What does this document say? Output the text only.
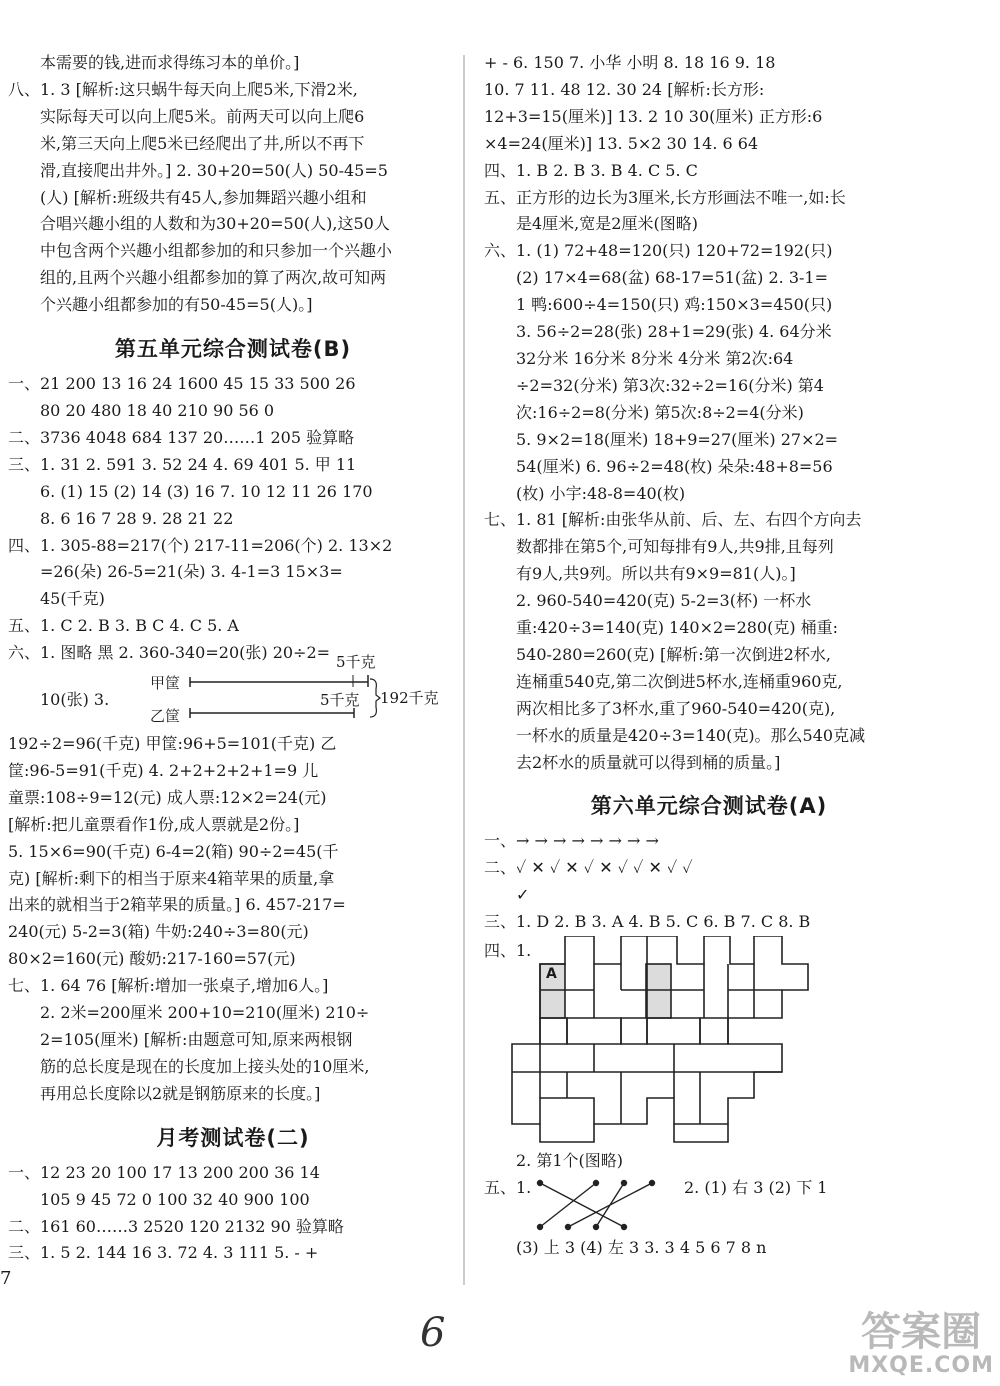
本需要的钱,进而求得练习本的单价。]
八、1. 3 [解析:这只蜗牛每天向上爬5米,下滑2米,
实际每天可以向上爬5米。前两天可以向上爬6
米,第三天向上爬5米已经爬出了井,所以不再下
滑,直接爬出井外。] 2. 30+20=50(人) 50-45=5
(人) [解析:班级共有45人,参加舞蹈兴趣小组和
合唱兴趣小组的人数和为30+20=50(人),这50人
中包含两个兴趣小组都参加的和只参加一个兴趣小
组的,且两个兴趣小组都参加的算了两次,故可知两
个兴趣小组都参加的有50-45=5(人)。]
第五单元综合测试卷(B)
一、21 200 13 16 24 1600 45 15 33 500 26
80 20 480 18 40 210 90 56 0
二、3736 4048 684 137 20……1 205 验算略
三、1. 31 2. 591 3. 52 24 4. 69 401 5. 甲 11
6. (1) 15 (2) 14 (3) 16 7. 10 12 11 26 170
8. 6 16 7 28 9. 28 21 22
四、1. 305-88=217(个) 217-11=206(个) 2. 13×2
=26(朵) 26-5=21(朵) 3. 4-1=3 15×3=
45(千克)
五、1. C 2. B 3. B C 4. C 5. A
六、1. 图略 黑 2. 360-340=20(张) 20÷2=
10(张) 3.
甲筐
乙筐
5千克
5千克 192千克
192÷2=96(千克) 甲筐:96+5=101(千克) 乙
筐:96-5=91(千克) 4. 2+2+2+2+1=9 儿
童票:108÷9=12(元) 成人票:12×2=24(元)
[解析:把儿童票看作1份,成人票就是2份。]
5. 15×6=90(千克) 6-4=2(箱) 90÷2=45(千
克) [解析:剩下的相当于原来4箱苹果的质量,拿
出来的就相当于2箱苹果的质量。] 6. 457-217=
240(元) 5-2=3(箱) 牛奶:240÷3=80(元)
80×2=160(元) 酸奶:217-160=57(元)
七、1. 64 76 [解析:增加一张桌子,增加6人。]
2. 2米=200厘米 200+10=210(厘米) 210÷
2=105(厘米) [解析:由题意可知,原来两根钢
筋的总长度是现在的长度加上接头处的10厘米,
再用总长度除以2就是钢筋原来的长度。]
月考测试卷(二)
一、12 23 20 100 17 13 200 200 36 14
105 9 45 72 0 100 32 40 900 100
二、161 60……3 2520 120 2132 90 验算略
三、1. 5 2. 144 16 3. 72 4. 3 111 5. - +
+ - 6. 150 7. 小华 小明 8. 18 16 9. 18
10. 7 11. 48 12. 30 24 [解析:长方形:
12+3=15(厘米)] 13. 2 10 30(厘米) 正方形:6
×4=24(厘米)] 13. 5×2 30 14. 6 64
四、1. B 2. B 3. B 4. C 5. C
五、正方形的边长为3厘米,长方形画法不唯一,如:长
是4厘米,宽是2厘米(图略)
六、1. (1) 72+48=120(只) 120+72=192(只)
(2) 17×4=68(盆) 68-17=51(盆) 2. 3-1=
1 鸭:600÷4=150(只) 鸡:150×3=450(只)
3. 56÷2=28(张) 28+1=29(张) 4. 64分米
32分米 16分米 8分米 4分米 第2次:64
÷2=32(分米) 第3次:32÷2=16(分米) 第4
次:16÷2=8(分米) 第5次:8÷2=4(分米)
5. 9×2=18(厘米) 18+9=27(厘米) 27×2=
54(厘米) 6. 96÷2=48(枚) 朵朵:48+8=56
(枚) 小宇:48-8=40(枚)
七、1. 81 [解析:由张华从前、后、左、右四个方向去
数都排在第5个,可知每排有9人,共9排,且每列
有9人,共9列。所以共有9×9=81(人)。]
2. 960-540=420(克) 5-2=3(杯) 一杯水
重:420÷3=140(克) 140×2=280(克) 桶重:
540-280=260(克) [解析:第一次倒进2杯水,
连桶重540克,第二次倒进5杯水,连桶重960克,
两次相比多了3杯水,重了960-540=420(克),
一杯水的质量是420÷3=140(克)。那么540克减
去2杯水的质量就可以得到桶的质量。]
第六单元综合测试卷(A)
一、→ → → → → → → →
二、✓ ✕ ✓ ✕ ✓ ✕ ✓ ✓ ✕ ✓ ✓
✓
三、1. D 2. B 3. A 4. B 5. C 6. B 7. C 8. B
四、1.
A
2. 第1个(图略)
五、1.	2. (1) 右 3 (2) 下 1
(3) 上 3 (4) 左 3 3. 3 4 5 6 7 8 n
7
6	答案圈
MXQE.COM
